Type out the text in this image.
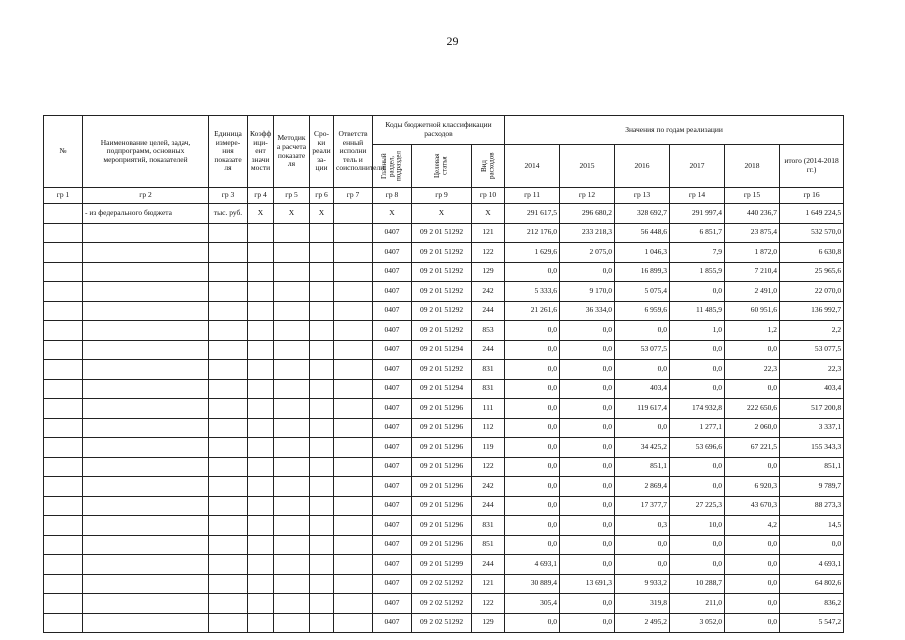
29
№	Наименование целей, задач, подпрограмм, основных мероприятий, показателей	Единица измере-ния показате ля	Коэфф ици-ент значи мости	Методик а расчета показате ля	Сро-ки реали за-ции	Ответств енный исполни тель и соисполнители	Коды бюджетной классификации расходов			Значения по годам реализации					

							Главный раздел, подраздел	Целевая статья	Вид расходов	2014	2015	2016	2017	2018	итого (2014-2018 гг.)
гр 1	гр 2	гр 3	гр 4	гр 5	гр 6	гр 7	гр 8	гр 9	гр 10	гр 11	гр 12	гр 13	гр 14	гр 15	гр 16
	- из федерального бюджета	тыс. руб.	X	X	X		X	X	X	291 617,5	296 680,2	328 692,7	291 997,4	440 236,7	1 649 224,5
							0407	09 2 01 51292	121	212 176,0	233 218,3	56 448,6	6 851,7	23 875,4	532 570,0
							0407	09 2 01 51292	122	1 629,6	2 075,0	1 046,3	7,9	1 872,0	6 630,8
							0407	09 2 01 51292	129	0,0	0,0	16 899,3	1 855,9	7 210,4	25 965,6
							0407	09 2 01 51292	242	5 333,6	9 170,0	5 075,4	0,0	2 491,0	22 070,0
							0407	09 2 01 51292	244	21 261,6	36 334,0	6 959,6	11 485,9	60 951,6	136 992,7
							0407	09 2 01 51292	853	0,0	0,0	0,0	1,0	1,2	2,2
							0407	09 2 01 51294	244	0,0	0,0	53 077,5	0,0	0,0	53 077,5
							0407	09 2 01 51292	831	0,0	0,0	0,0	0,0	22,3	22,3
							0407	09 2 01 51294	831	0,0	0,0	403,4	0,0	0,0	403,4
							0407	09 2 01 51296	111	0,0	0,0	119 617,4	174 932,8	222 650,6	517 200,8
							0407	09 2 01 51296	112	0,0	0,0	0,0	1 277,1	2 060,0	3 337,1
							0407	09 2 01 51296	119	0,0	0,0	34 425,2	53 696,6	67 221,5	155 343,3
							0407	09 2 01 51296	122	0,0	0,0	851,1	0,0	0,0	851,1
							0407	09 2 01 51296	242	0,0	0,0	2 869,4	0,0	6 920,3	9 789,7
							0407	09 2 01 51296	244	0,0	0,0	17 377,7	27 225,3	43 670,3	88 273,3
							0407	09 2 01 51296	831	0,0	0,0	0,3	10,0	4,2	14,5
							0407	09 2 01 51296	851	0,0	0,0	0,0	0,0	0,0	0,0
							0407	09 2 01 51299	244	4 693,1	0,0	0,0	0,0	0,0	4 693,1
							0407	09 2 02 51292	121	30 889,4	13 691,3	9 933,2	10 288,7	0,0	64 802,6
							0407	09 2 02 51292	122	305,4	0,0	319,8	211,0	0,0	836,2
							0407	09 2 02 51292	129	0,0	0,0	2 495,2	3 052,0	0,0	5 547,2
